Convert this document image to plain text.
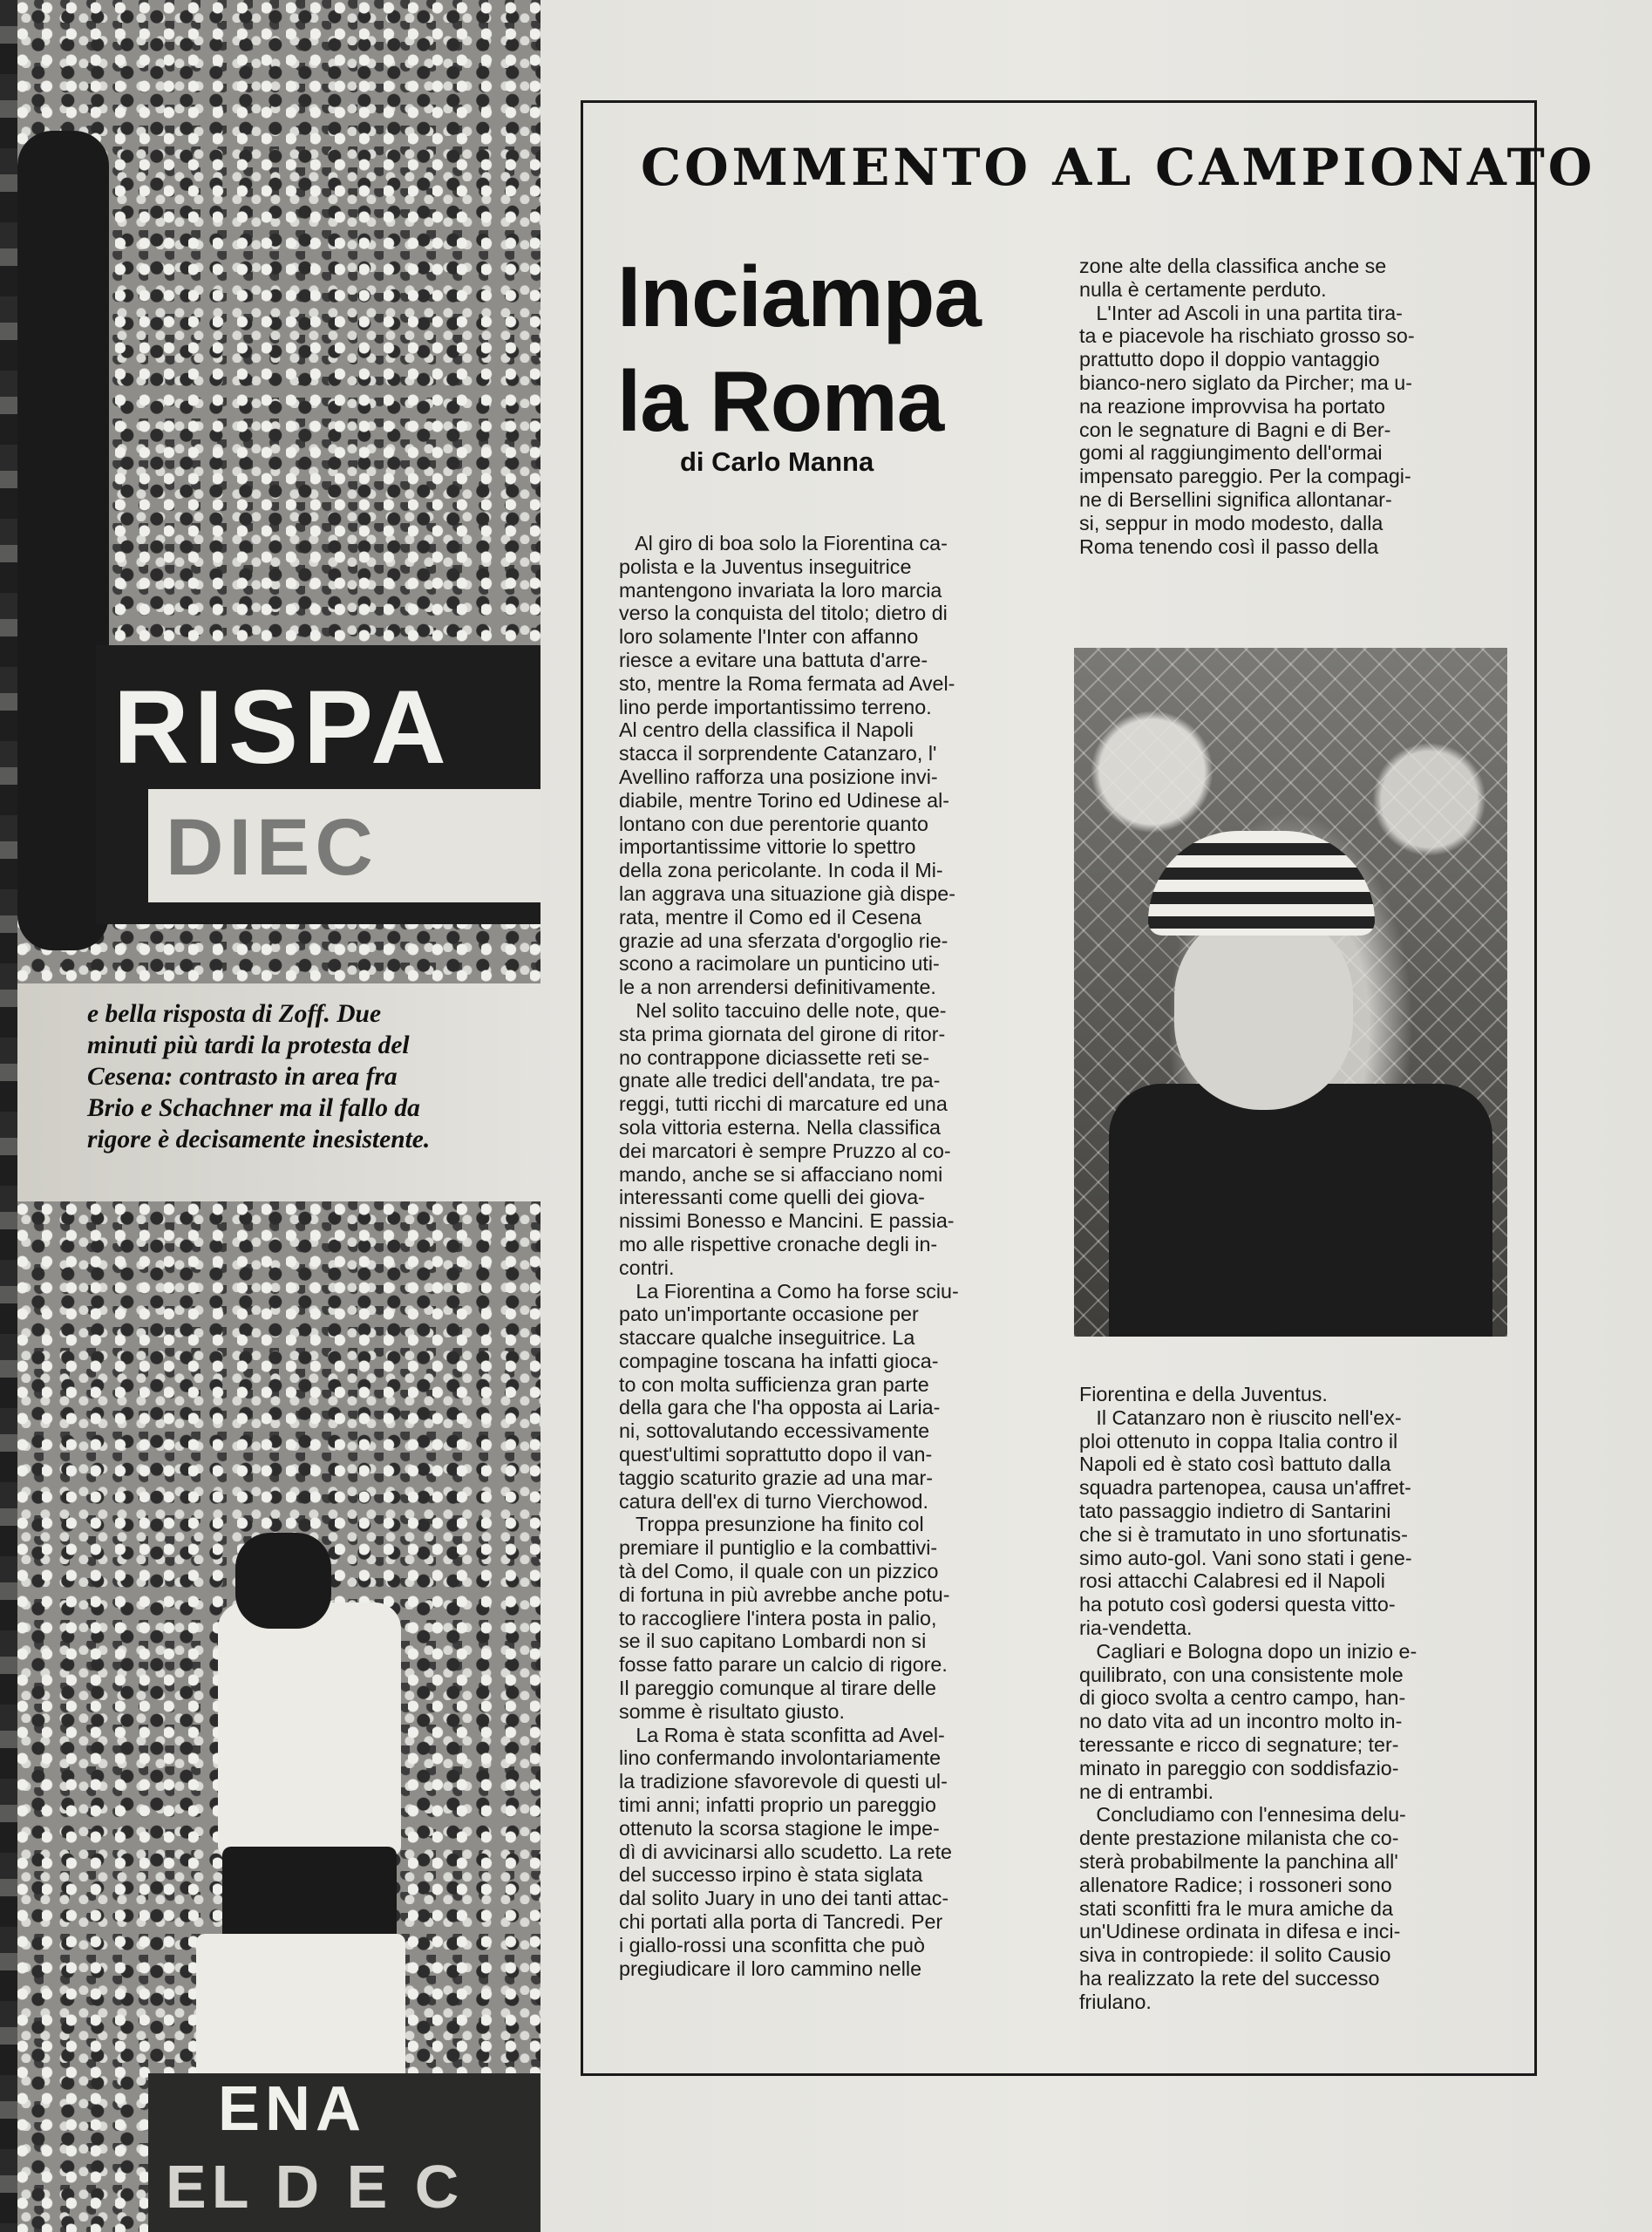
RISPA
DIEC
e bella risposta di Zoff. Due
minuti più tardi la protesta del
Cesena: contrasto in area fra
Brio e Schachner ma il fallo da
rigore è decisamente inesistente.
ENA
EL D E C
COMMENTO AL CAMPIONATO
Inciampa
la Roma
di Carlo Manna
Al giro di boa solo la Fiorentina ca-
polista e la Juventus inseguitrice
mantengono invariata la loro marcia
verso la conquista del titolo; dietro di
loro solamente l'Inter con affanno
riesce a evitare una battuta d'arre-
sto, mentre la Roma fermata ad Avel-
lino perde importantissimo terreno.
Al centro della classifica il Napoli
stacca il sorprendente Catanzaro, l'
Avellino rafforza una posizione invi-
diabile, mentre Torino ed Udinese al-
lontano con due perentorie quanto
importantissime vittorie lo spettro
della zona pericolante. In coda il Mi-
lan aggrava una situazione già dispe-
rata, mentre il Como ed il Cesena
grazie ad una sferzata d'orgoglio rie-
scono a racimolare un punticino uti-
le a non arrendersi definitivamente.
Nel solito taccuino delle note, que-
sta prima giornata del girone di ritor-
no contrappone diciassette reti se-
gnate alle tredici dell'andata, tre pa-
reggi, tutti ricchi di marcature ed una
sola vittoria esterna. Nella classifica
dei marcatori è sempre Pruzzo al co-
mando, anche se si affacciano nomi
interessanti come quelli dei giova-
nissimi Bonesso e Mancini. E passia-
mo alle rispettive cronache degli in-
contri.
La Fiorentina a Como ha forse sciu-
pato un'importante occasione per
staccare qualche inseguitrice. La
compagine toscana ha infatti gioca-
to con molta sufficienza gran parte
della gara che l'ha opposta ai Laria-
ni, sottovalutando eccessivamente
quest'ultimi soprattutto dopo il van-
taggio scaturito grazie ad una mar-
catura dell'ex di turno Vierchowod.
Troppa presunzione ha finito col
premiare il puntiglio e la combattivi-
tà del Como, il quale con un pizzico
di fortuna in più avrebbe anche potu-
to raccogliere l'intera posta in palio,
se il suo capitano Lombardi non si
fosse fatto parare un calcio di rigore.
Il pareggio comunque al tirare delle
somme è risultato giusto.
La Roma è stata sconfitta ad Avel-
lino confermando involontariamente
la tradizione sfavorevole di questi ul-
timi anni; infatti proprio un pareggio
ottenuto la scorsa stagione le impe-
dì di avvicinarsi allo scudetto. La rete
del successo irpino è stata siglata
dal solito Juary in uno dei tanti attac-
chi portati alla porta di Tancredi. Per
i giallo-rossi una sconfitta che può
pregiudicare il loro cammino nelle
zone alte della classifica anche se
nulla è certamente perduto.
L'Inter ad Ascoli in una partita tira-
ta e piacevole ha rischiato grosso so-
prattutto dopo il doppio vantaggio
bianco-nero siglato da Pircher; ma u-
na reazione improvvisa ha portato
con le segnature di Bagni e di Ber-
gomi al raggiungimento dell'ormai
impensato pareggio. Per la compagi-
ne di Bersellini significa allontanar-
si, seppur in modo modesto, dalla
Roma tenendo così il passo della
Fiorentina e della Juventus.
Il Catanzaro non è riuscito nell'ex-
ploi ottenuto in coppa Italia contro il
Napoli ed è stato così battuto dalla
squadra partenopea, causa un'affret-
tato passaggio indietro di Santarini
che si è tramutato in uno sfortunatis-
simo auto-gol. Vani sono stati i gene-
rosi attacchi Calabresi ed il Napoli
ha potuto così godersi questa vitto-
ria-vendetta.
Cagliari e Bologna dopo un inizio e-
quilibrato, con una consistente mole
di gioco svolta a centro campo, han-
no dato vita ad un incontro molto in-
teressante e ricco di segnature; ter-
minato in pareggio con soddisfazio-
ne di entrambi.
Concludiamo con l'ennesima delu-
dente prestazione milanista che co-
sterà probabilmente la panchina all'
allenatore Radice; i rossoneri sono
stati sconfitti fra le mura amiche da
un'Udinese ordinata in difesa e inci-
siva in contropiede: il solito Causio
ha realizzato la rete del successo
friulano.
